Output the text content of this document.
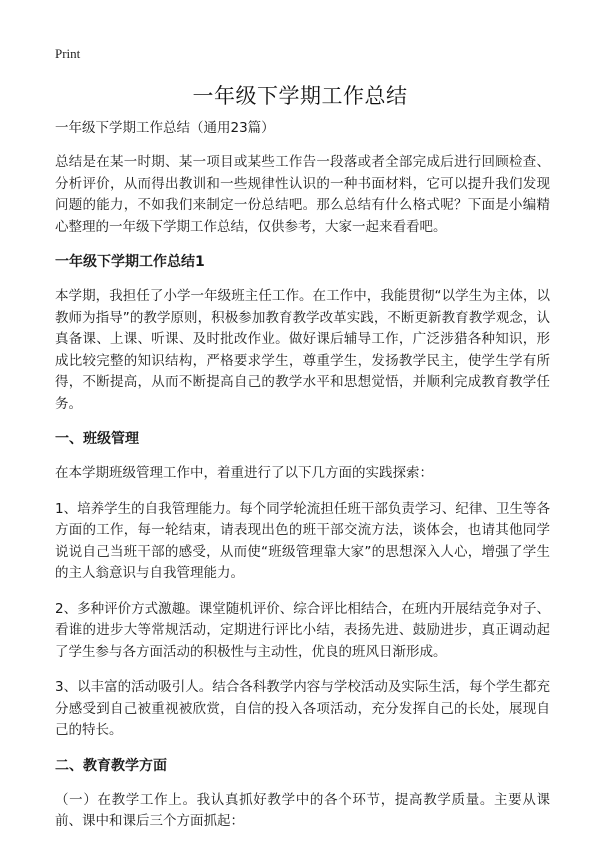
Print
一年级下学期工作总结

一年级下学期工作总结（通用23篇）

总结是在某一时期、某一项目或某些工作告一段落或者全部完成后进行回顾检查、分析评价，从而得出教训和一些规律性认识的一种书面材料，它可以提升我们发现问题的能力，不如我们来制定一份总结吧。那么总结有什么格式呢？下面是小编精心整理的一年级下学期工作总结，仅供参考，大家一起来看看吧。

一年级下学期工作总结1

本学期，我担任了小学一年级班主任工作。在工作中，我能贯彻“以学生为主体，以教师为指导”的教学原则，积极参加教育教学改革实践，不断更新教育教学观念，认真备课、上课、听课、及时批改作业。做好课后辅导工作，广泛涉猎各种知识，形成比较完整的知识结构，严格要求学生，尊重学生，发扬教学民主，使学生学有所得，不断提高，从而不断提高自己的教学水平和思想觉悟，并顺利完成教育教学任务。

一、班级管理

在本学期班级管理工作中，着重进行了以下几方面的实践探索：

1、培养学生的自我管理能力。每个同学轮流担任班干部负责学习、纪律、卫生等各方面的工作，每一轮结束，请表现出色的班干部交流方法，谈体会，也请其他同学说说自己当班干部的感受，从而使“班级管理靠大家”的思想深入人心，增强了学生的主人翁意识与自我管理能力。

2、多种评价方式激趣。课堂随机评价、综合评比相结合，在班内开展结竞争对子、看谁的进步大等常规活动，定期进行评比小结，表扬先进、鼓励进步，真正调动起了学生参与各方面活动的积极性与主动性，优良的班风日渐形成。

3、以丰富的活动吸引人。结合各科教学内容与学校活动及实际生活，每个学生都充分感受到自己被重视被欣赏，自信的投入各项活动，充分发挥自己的长处，展现自己的特长。

二、教育教学方面

（一）在教学工作上。我认真抓好教学中的各个环节，提高教学质量。主要从课前、课中和课后三个方面抓起：
